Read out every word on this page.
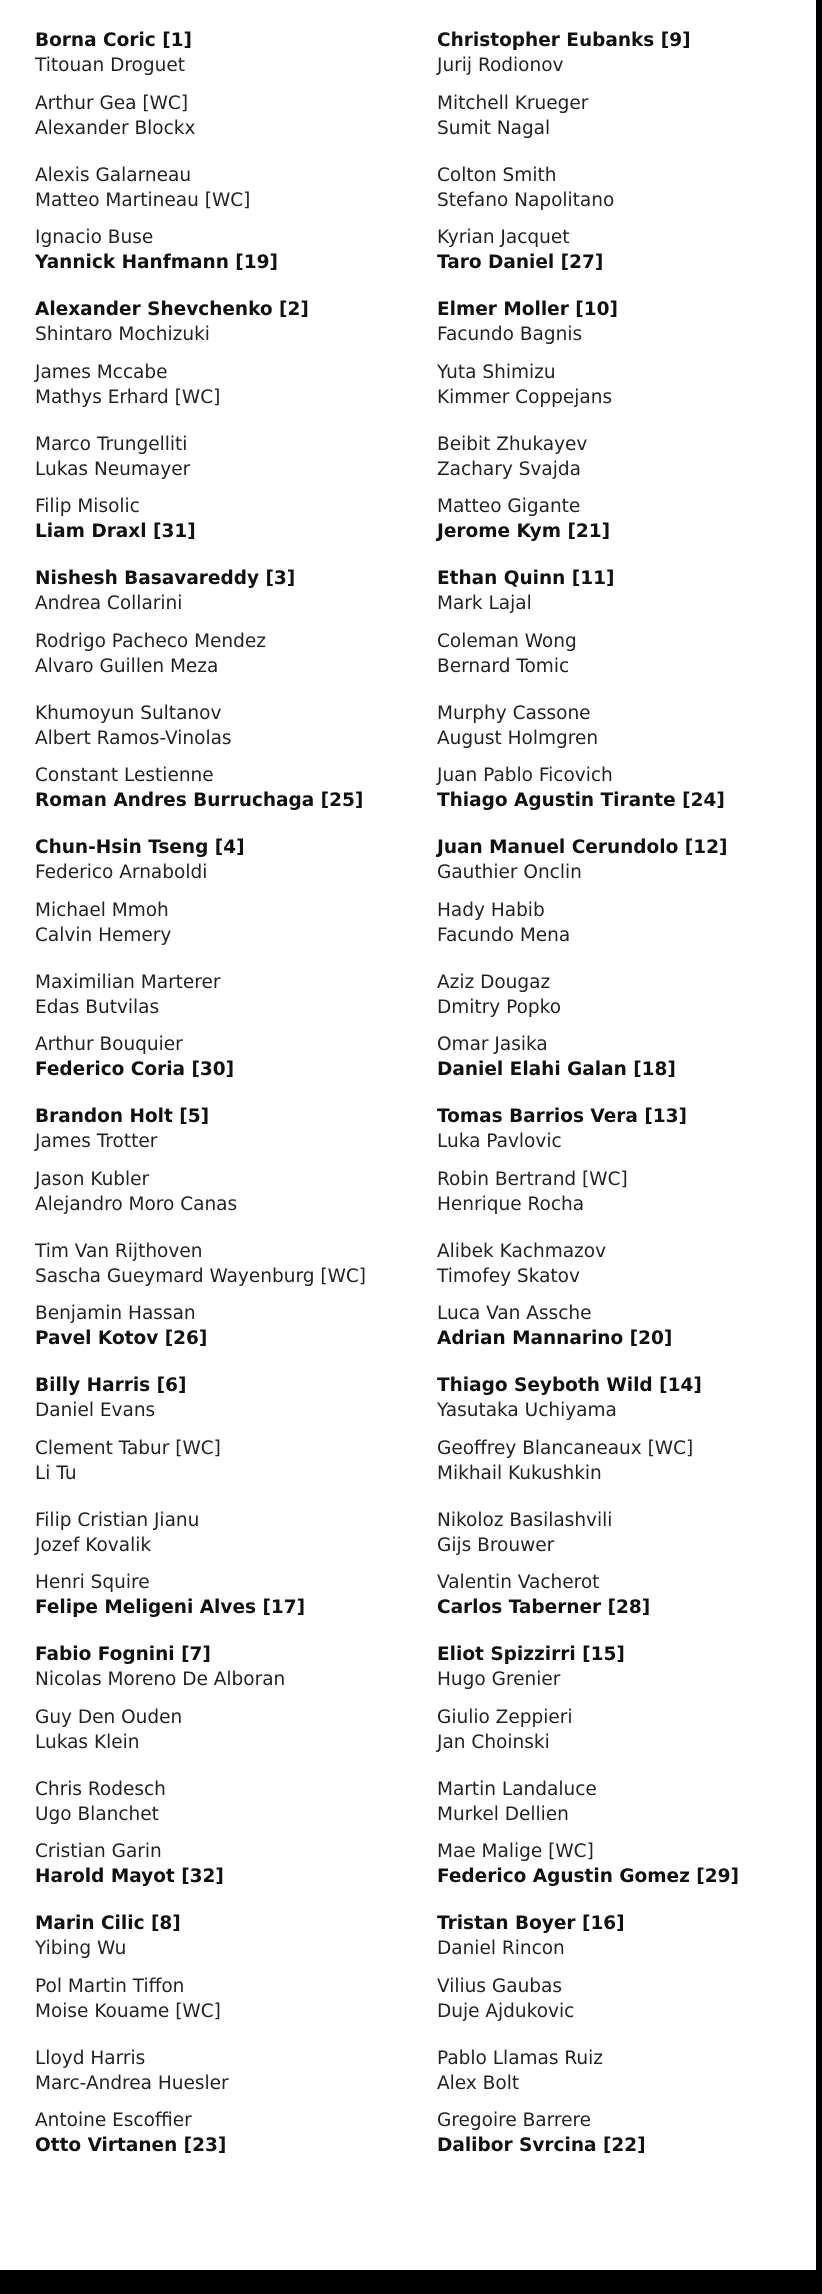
Borna Coric [1]
Titouan Droguet
Arthur Gea [WC]
Alexander Blockx
Alexis Galarneau
Matteo Martineau [WC]
Ignacio Buse
Yannick Hanfmann [19]
Alexander Shevchenko [2]
Shintaro Mochizuki
James Mccabe
Mathys Erhard [WC]
Marco Trungelliti
Lukas Neumayer
Filip Misolic
Liam Draxl [31]
Nishesh Basavareddy [3]
Andrea Collarini
Rodrigo Pacheco Mendez
Alvaro Guillen Meza
Khumoyun Sultanov
Albert Ramos-Vinolas
Constant Lestienne
Roman Andres Burruchaga [25]
Chun-Hsin Tseng [4]
Federico Arnaboldi
Michael Mmoh
Calvin Hemery
Maximilian Marterer
Edas Butvilas
Arthur Bouquier
Federico Coria [30]
Brandon Holt [5]
James Trotter
Jason Kubler
Alejandro Moro Canas
Tim Van Rijthoven
Sascha Gueymard Wayenburg [WC]
Benjamin Hassan
Pavel Kotov [26]
Billy Harris [6]
Daniel Evans
Clement Tabur [WC]
Li Tu
Filip Cristian Jianu
Jozef Kovalik
Henri Squire
Felipe Meligeni Alves [17]
Fabio Fognini [7]
Nicolas Moreno De Alboran
Guy Den Ouden
Lukas Klein
Chris Rodesch
Ugo Blanchet
Cristian Garin
Harold Mayot [32]
Marin Cilic [8]
Yibing Wu
Pol Martin Tiffon
Moise Kouame [WC]
Lloyd Harris
Marc-Andrea Huesler
Antoine Escoffier
Otto Virtanen [23]
Christopher Eubanks [9]
Jurij Rodionov
Mitchell Krueger
Sumit Nagal
Colton Smith
Stefano Napolitano
Kyrian Jacquet
Taro Daniel [27]
Elmer Moller [10]
Facundo Bagnis
Yuta Shimizu
Kimmer Coppejans
Beibit Zhukayev
Zachary Svajda
Matteo Gigante
Jerome Kym [21]
Ethan Quinn [11]
Mark Lajal
Coleman Wong
Bernard Tomic
Murphy Cassone
August Holmgren
Juan Pablo Ficovich
Thiago Agustin Tirante [24]
Juan Manuel Cerundolo [12]
Gauthier Onclin
Hady Habib
Facundo Mena
Aziz Dougaz
Dmitry Popko
Omar Jasika
Daniel Elahi Galan [18]
Tomas Barrios Vera [13]
Luka Pavlovic
Robin Bertrand [WC]
Henrique Rocha
Alibek Kachmazov
Timofey Skatov
Luca Van Assche
Adrian Mannarino [20]
Thiago Seyboth Wild [14]
Yasutaka Uchiyama
Geoffrey Blancaneaux [WC]
Mikhail Kukushkin
Nikoloz Basilashvili
Gijs Brouwer
Valentin Vacherot
Carlos Taberner [28]
Eliot Spizzirri [15]
Hugo Grenier
Giulio Zeppieri
Jan Choinski
Martin Landaluce
Murkel Dellien
Mae Malige [WC]
Federico Agustin Gomez [29]
Tristan Boyer [16]
Daniel Rincon
Vilius Gaubas
Duje Ajdukovic
Pablo Llamas Ruiz
Alex Bolt
Gregoire Barrere
Dalibor Svrcina [22]
